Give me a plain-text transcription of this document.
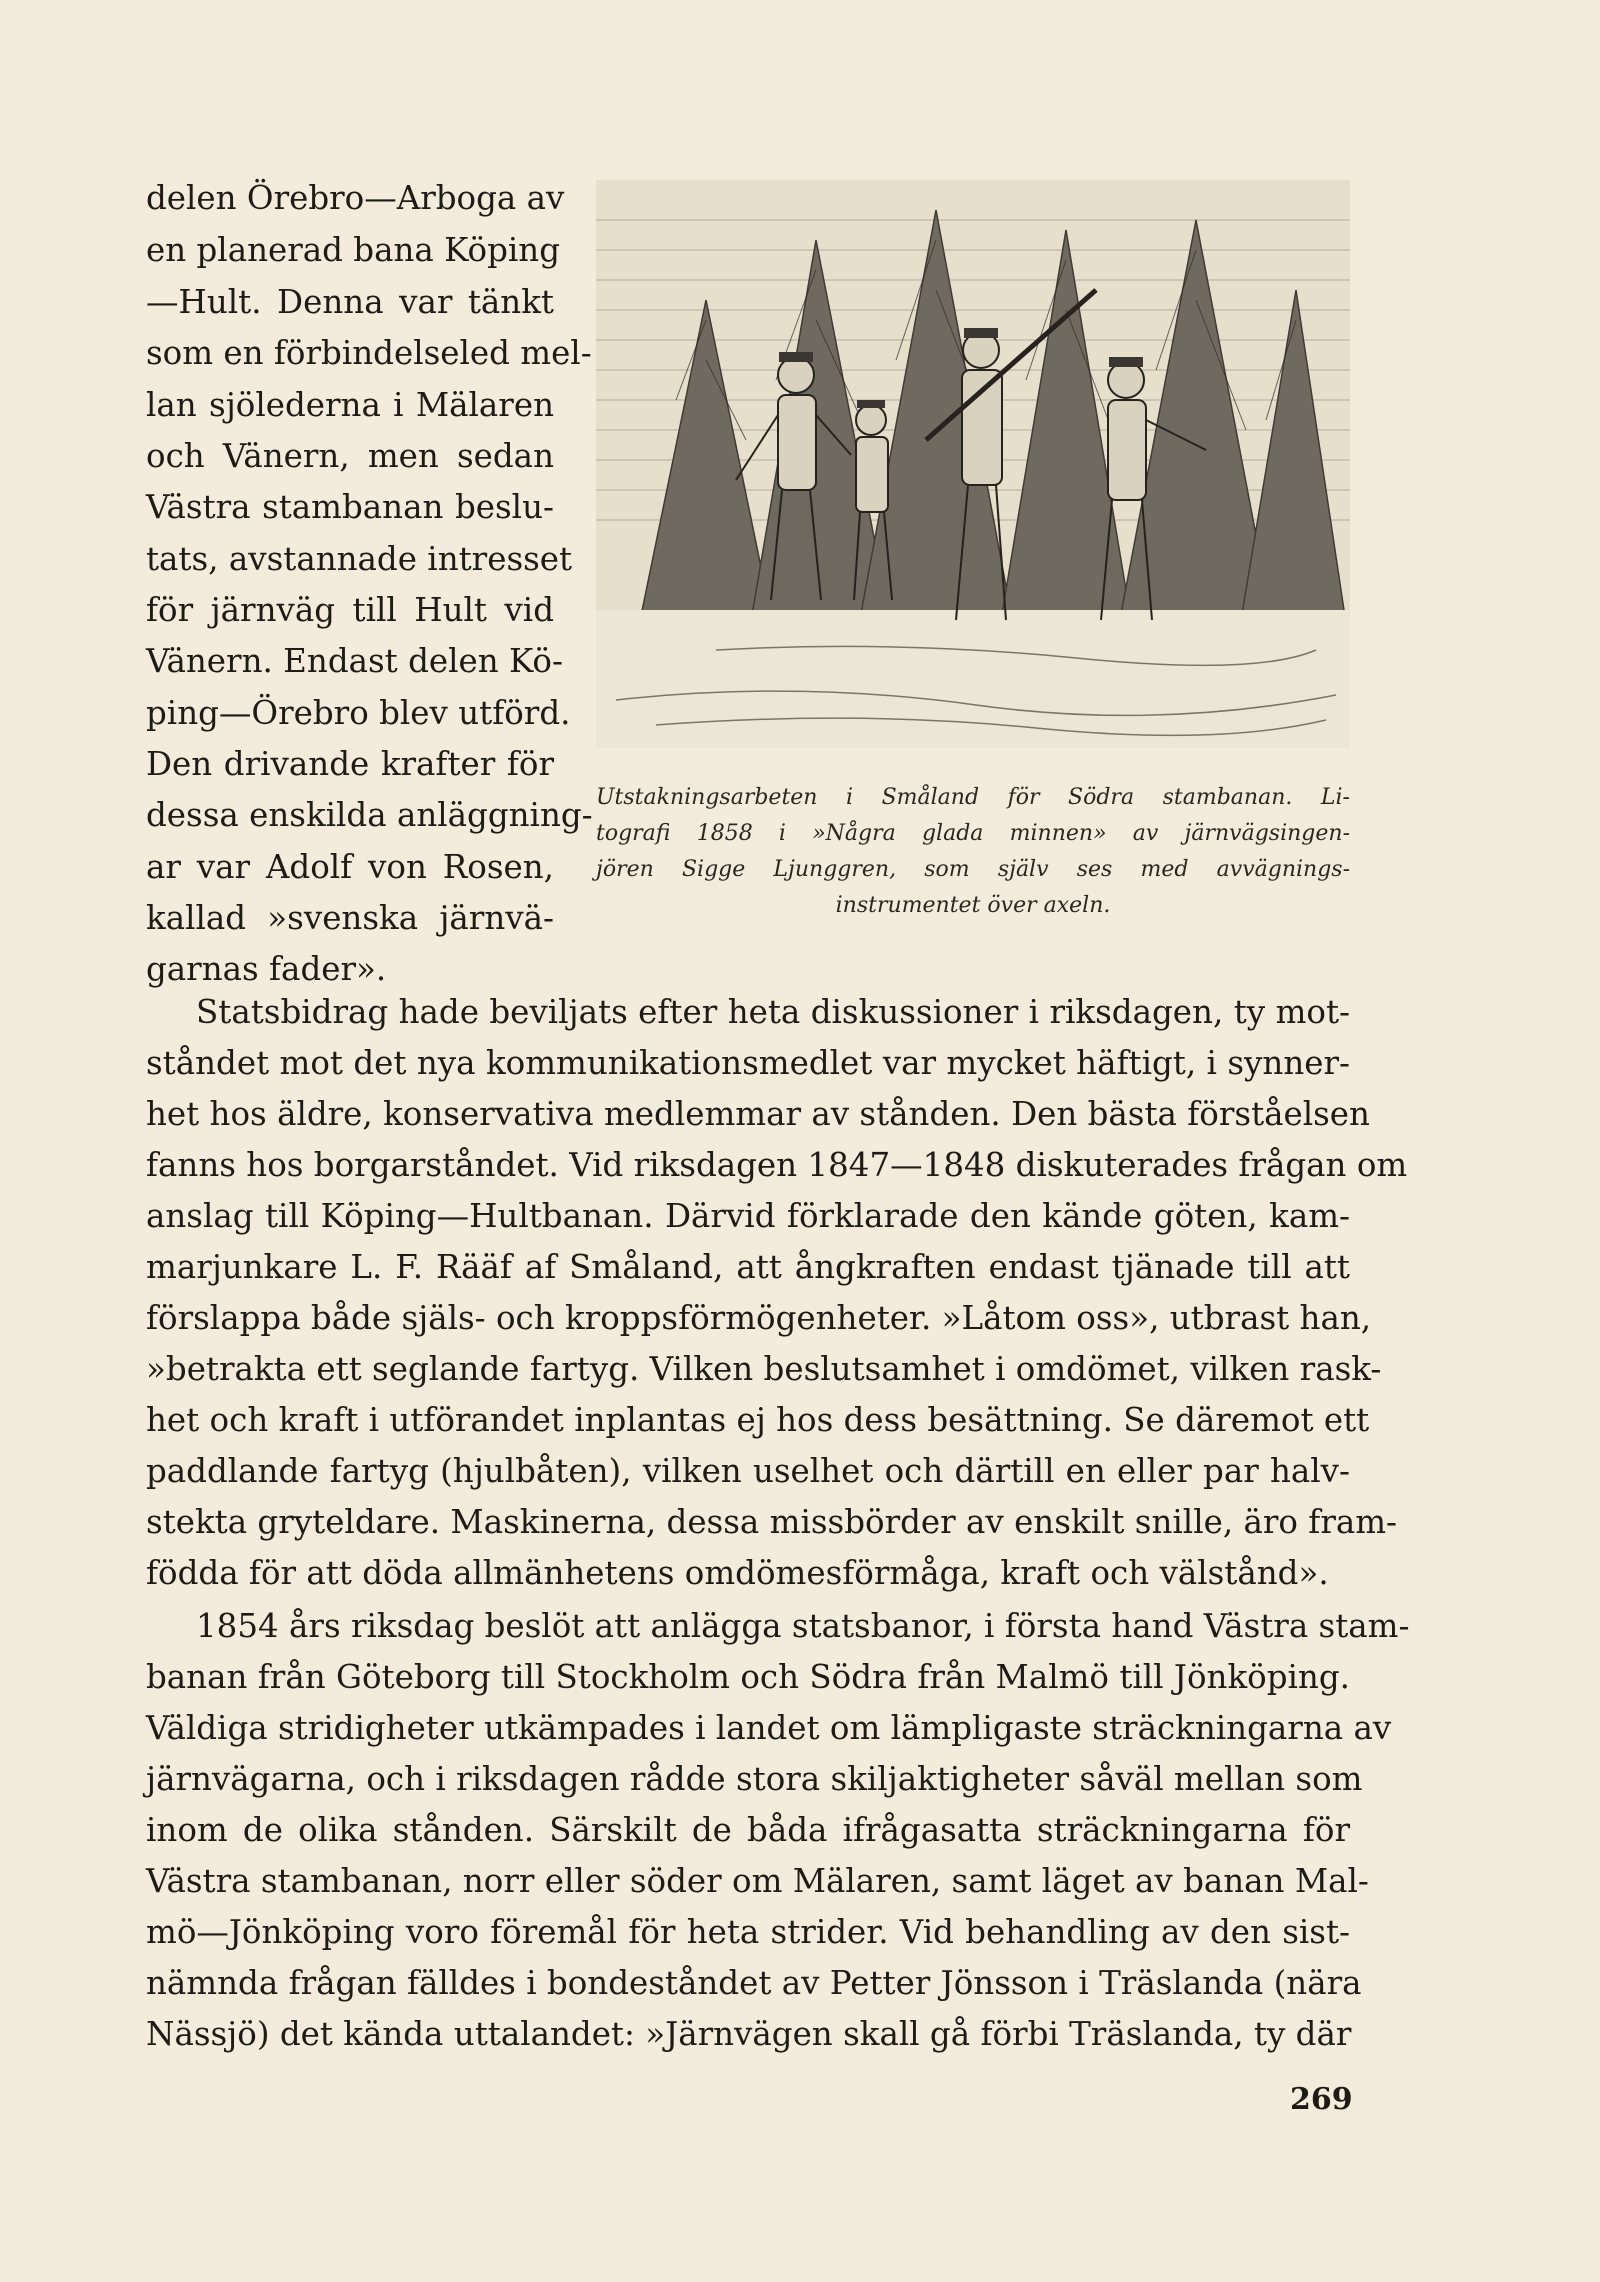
delen Örebro—Arboga av
en planerad bana Köping
—Hult. Denna var tänkt
som en förbindelseled mel-
lan sjölederna i Mälaren
och Vänern, men sedan
Västra stambanan beslu-
tats, avstannade intresset
för järnväg till Hult vid
Vänern. Endast delen Kö-
ping—Örebro blev utförd.
Den drivande krafter för
dessa enskilda anläggning-
ar var Adolf von Rosen,
kallad »svenska järnvä-
garnas fader».
Utstakningsarbeten i Småland för Södra stambanan. Li-
tografi 1858 i »Några glada minnen» av järnvägsingen-
jören Sigge Ljunggren, som själv ses med avvägnings-
instrumentet över axeln.
Statsbidrag hade beviljats efter heta diskussioner i riksdagen, ty mot-
ståndet mot det nya kommunikationsmedlet var mycket häftigt, i synner-
het hos äldre, konservativa medlemmar av stånden. Den bästa förståelsen
fanns hos borgarståndet. Vid riksdagen 1847—1848 diskuterades frågan om
anslag till Köping—Hultbanan. Därvid förklarade den kände göten, kam-
marjunkare L. F. Rääf af Småland, att ångkraften endast tjänade till att
förslappa både själs- och kroppsförmögenheter. »Låtom oss», utbrast han,
»betrakta ett seglande fartyg. Vilken beslutsamhet i omdömet, vilken rask-
het och kraft i utförandet inplantas ej hos dess besättning. Se däremot ett
paddlande fartyg (hjulbåten), vilken uselhet och därtill en eller par halv-
stekta gryteldare. Maskinerna, dessa missbörder av enskilt snille, äro fram-
födda för att döda allmänhetens omdömesförmåga, kraft och välstånd».
1854 års riksdag beslöt att anlägga statsbanor, i första hand Västra stam-
banan från Göteborg till Stockholm och Södra från Malmö till Jönköping.
Väldiga stridigheter utkämpades i landet om lämpligaste sträckningarna av
järnvägarna, och i riksdagen rådde stora skiljaktigheter såväl mellan som
inom de olika stånden. Särskilt de båda ifrågasatta sträckningarna för
Västra stambanan, norr eller söder om Mälaren, samt läget av banan Mal-
mö—Jönköping voro föremål för heta strider. Vid behandling av den sist-
nämnda frågan fälldes i bondeståndet av Petter Jönsson i Träslanda (nära
Nässjö) det kända uttalandet: »Järnvägen skall gå förbi Träslanda, ty där
269
